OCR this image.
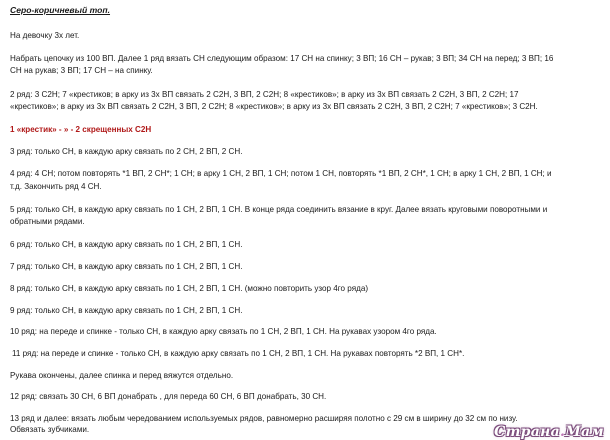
Серо-коричневый топ.
На девочку 3х лет.
Набрать цепочку из 100 ВП. Далее 1 ряд вязать СН следующим образом: 17 СН на спинку; 3 ВП; 16 СН – рукав; 3 ВП; 34 СН на перед; 3 ВП; 16
СН на рукав; 3 ВП; 17 СН – на спинку.
2 ряд: 3 С2Н; 7 «крестиков; в арку из 3х ВП связать 2 С2Н, 3 ВП, 2 С2Н; 8 «крестиков»; в арку из 3х ВП связать 2 С2Н, 3 ВП, 2 С2Н; 17
«крестиков»; в арку из 3х ВП связать 2 С2Н, 3 ВП, 2 С2Н; 8 «крестиков»; в арку из 3х ВП связать 2 С2Н, 3 ВП, 2 С2Н; 7 «крестиков»; 3 С2Н.
1 «крестик» - » - 2 скрещенных С2Н
3 ряд: только СН, в каждую арку связать по 2 СН, 2 ВП, 2 СН.
4 ряд: 4 СН; потом повторять *1 ВП, 2 СН*; 1 СН; в арку 1 СН, 2 ВП, 1 СН; потом 1 СН, повторять *1 ВП, 2 СН*, 1 СН; в арку 1 СН, 2 ВП, 1 СН; и
т.д. Закончить ряд 4 СН.
5 ряд: только СН, в каждую арку связать по 1 СН, 2 ВП, 1 СН. В конце ряда соединить вязание в круг. Далее вязать круговыми поворотными и
обратными рядами.
6 ряд: только СН, в каждую арку связать по 1 СН, 2 ВП, 1 СН.
7 ряд: только СН, в каждую арку связать по 1 СН, 2 ВП, 1 СН.
8 ряд: только СН, в каждую арку связать по 1 СН, 2 ВП, 1 СН. (можно повторить узор 4го ряда)
9 ряд: только СН, в каждую арку связать по 1 СН, 2 ВП, 1 СН.
10 ряд: на переде и спинке - только СН, в каждую арку связать по 1 СН, 2 ВП, 1 СН. На рукавах узором 4го ряда.
11 ряд: на переде и спинке - только СН, в каждую арку связать по 1 СН, 2 ВП, 1 СН. На рукавах повторять *2 ВП, 1 СН*.
Рукава окончены, далее спинка и перед вяжутся отдельно.
12 ряд: связать 30 СН, 6 ВП донабрать , для переда 60 СН, 6 ВП донабрать, 30 СН.
13 ряд и далее: вязать любым чередованием используемых рядов, равномерно расширяя полотно с 29 см в ширину до 32 см по низу.
Обвязать зубчиками.	Страна.Мам
